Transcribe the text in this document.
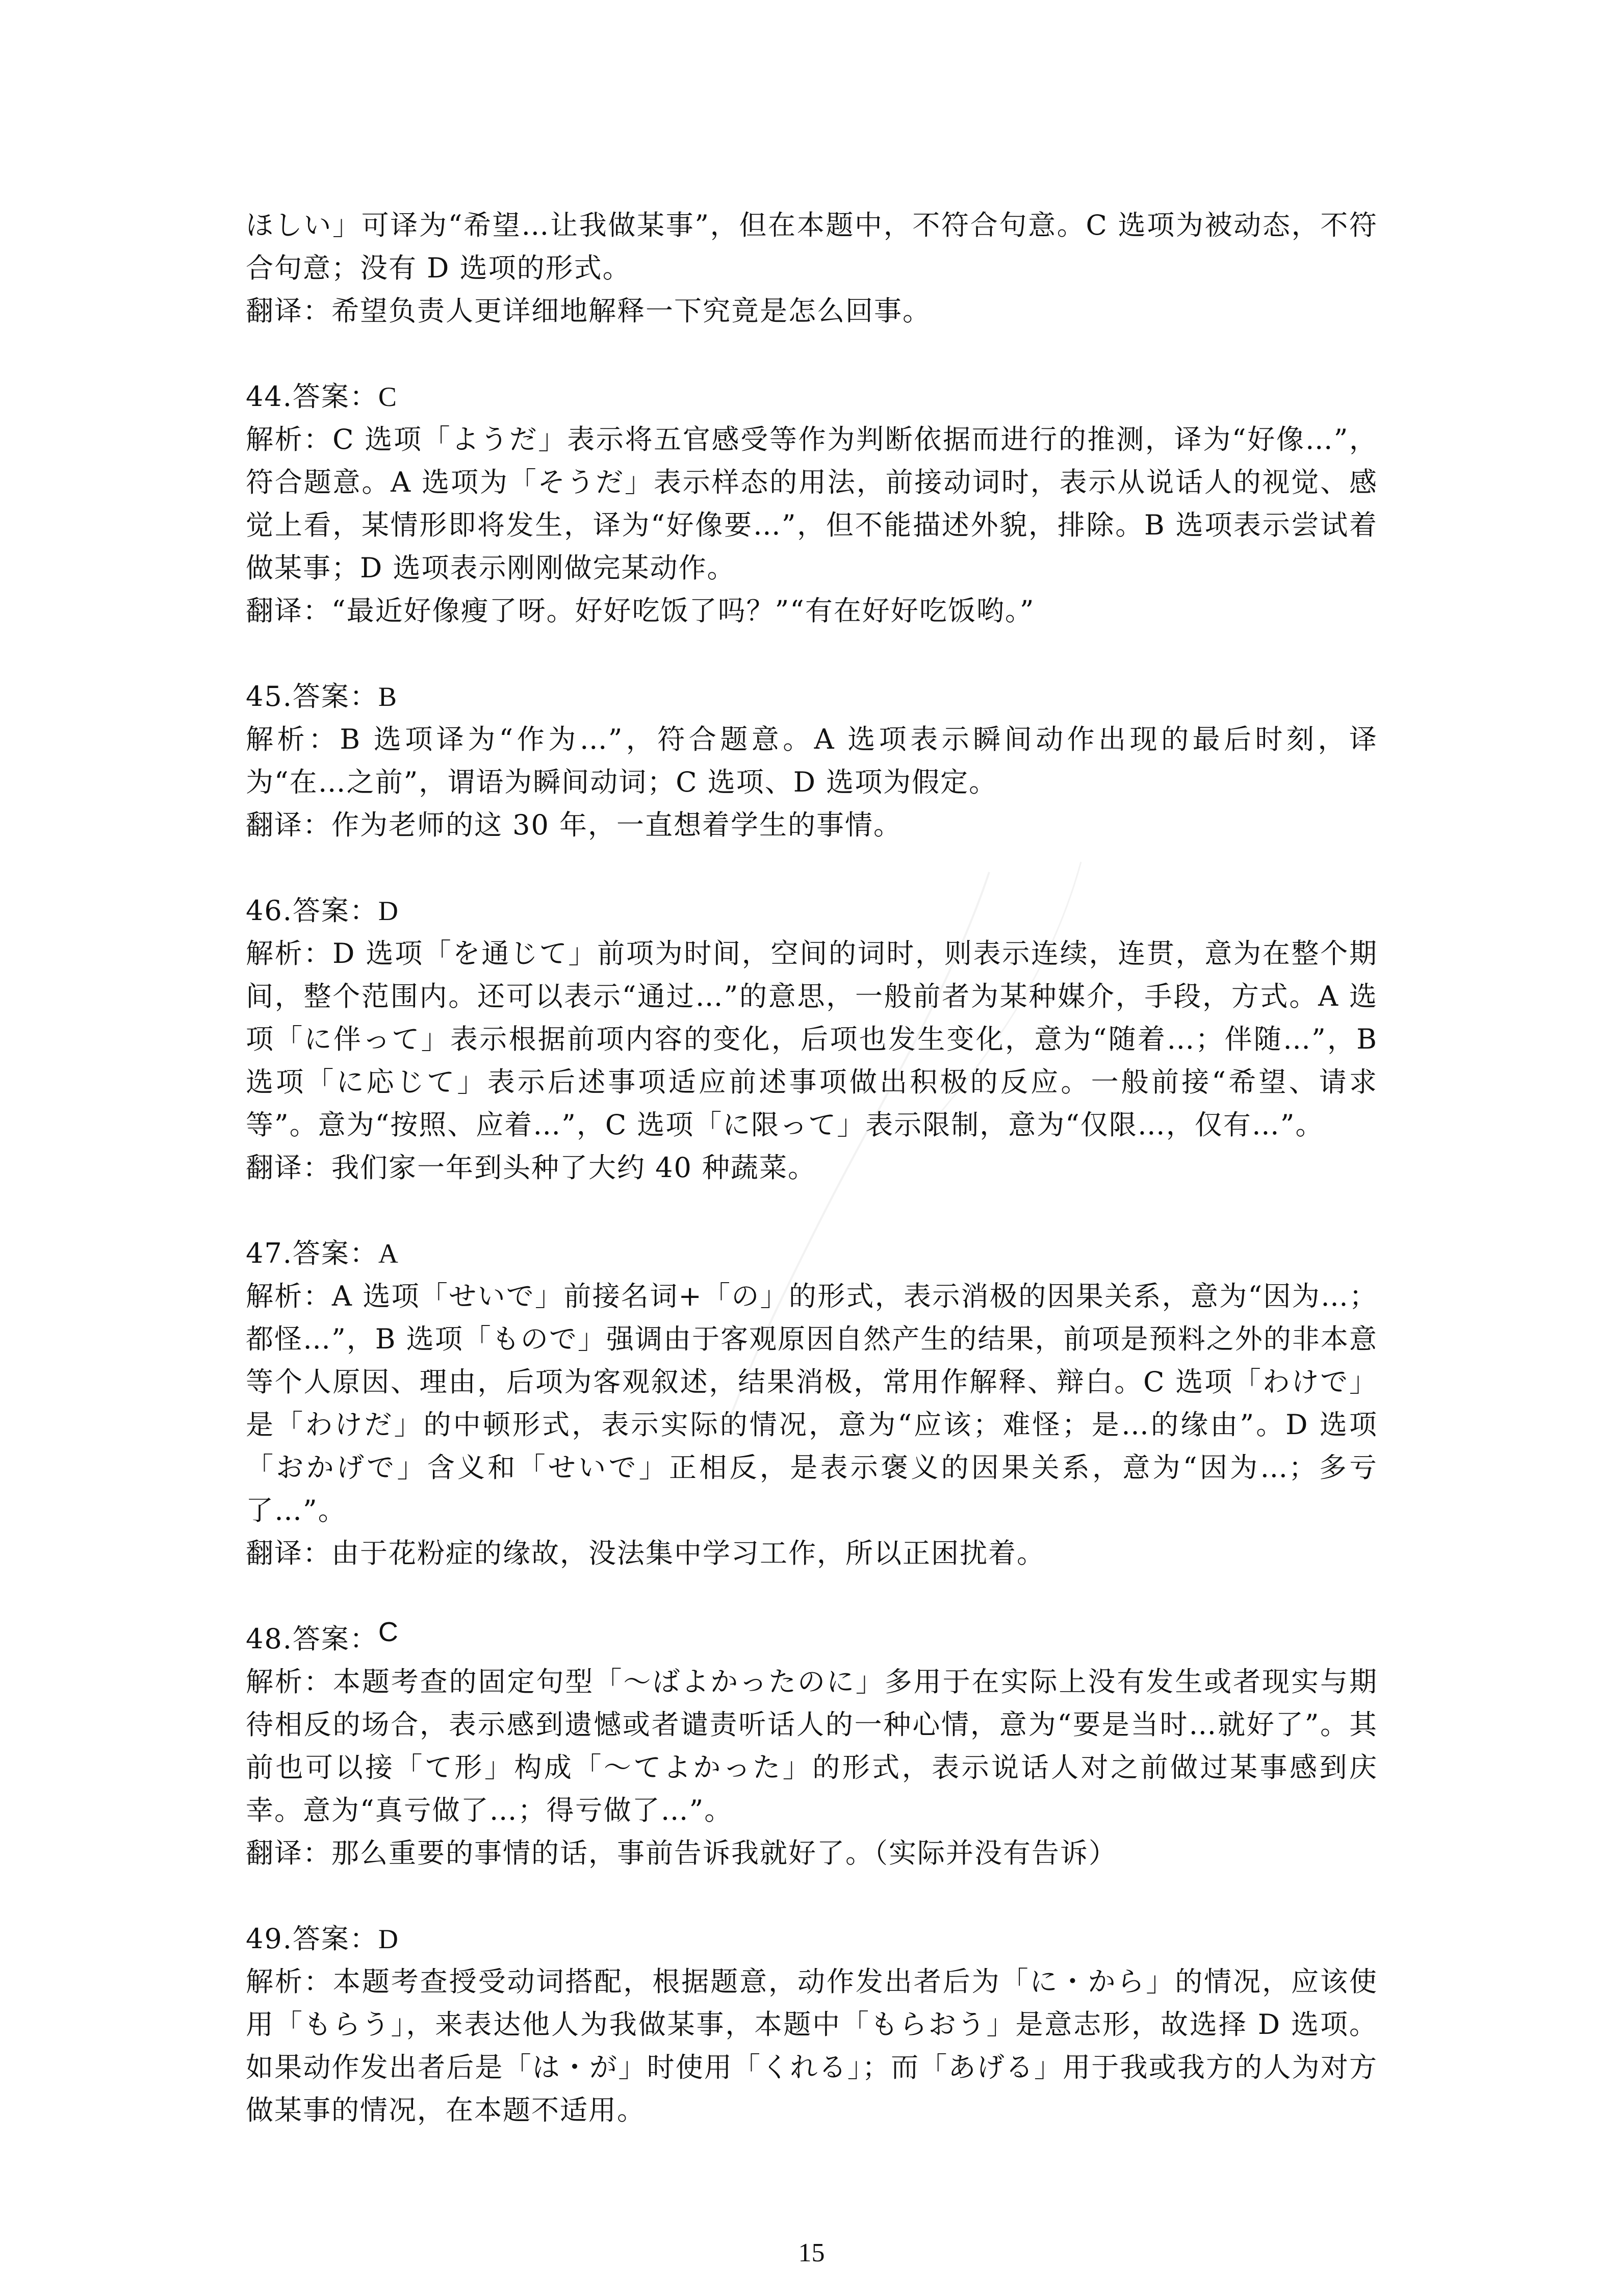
ほしい」可译为“希望…让我做某事”，但在本题中，不符合句意。C 选项为被动态，不符合句意；没有 D 选项的形式。
翻译：希望负责人更详细地解释一下究竟是怎么回事。
44.答案：C
解析：C 选项「ようだ」表示将五官感受等作为判断依据而进行的推测，译为“好像…”，符合题意。A 选项为「そうだ」表示样态的用法，前接动词时，表示从说话人的视觉、感觉上看，某情形即将发生，译为“好像要…”，但不能描述外貌，排除。B 选项表示尝试着做某事；D 选项表示刚刚做完某动作。
翻译：“最近好像瘦了呀。好好吃饭了吗？”“有在好好吃饭哟。”
45.答案：B
解析：B 选项译为“作为…”，符合题意。A 选项表示瞬间动作出现的最后时刻，译为“在…之前”，谓语为瞬间动词；C 选项、D 选项为假定。
翻译：作为老师的这 30 年，一直想着学生的事情。
46.答案：D
解析：D 选项「を通じて」前项为时间，空间的词时，则表示连续，连贯，意为在整个期间，整个范围内。还可以表示“通过…”的意思，一般前者为某种媒介，手段，方式。A 选项「に伴って」表示根据前项内容的变化，后项也发生变化，意为“随着…；伴随…”，B 选项「に応じて」表示后述事项适应前述事项做出积极的反应。一般前接“希望、请求等”。意为“按照、应着…”，C 选项「に限って」表示限制，意为“仅限…，仅有…”。
翻译：我们家一年到头种了大约 40 种蔬菜。
47.答案：A
解析：A 选项「せいで」前接名词+「の」的形式，表示消极的因果关系，意为“因为…；都怪…”，B 选项「もので」强调由于客观原因自然产生的结果，前项是预料之外的非本意等个人原因、理由，后项为客观叙述，结果消极，常用作解释、辩白。C 选项「わけで」是「わけだ」的中顿形式，表示实际的情况，意为“应该；难怪；是…的缘由”。D 选项「おかげで」含义和「せいで」正相反，是表示褒义的因果关系，意为“因为…；多亏了…”。
翻译：由于花粉症的缘故，没法集中学习工作，所以正困扰着。
48.答案：C
解析：本题考查的固定句型「～ばよかったのに」多用于在实际上没有发生或者现实与期待相反的场合，表示感到遗憾或者谴责听话人的一种心情，意为“要是当时…就好了”。其前也可以接「て形」构成「～てよかった」的形式，表示说话人对之前做过某事感到庆幸。意为“真亏做了…；得亏做了…”。
翻译：那么重要的事情的话，事前告诉我就好了。（实际并没有告诉）
49.答案：D
解析：本题考查授受动词搭配，根据题意，动作发出者后为「に・から」的情况，应该使用「もらう」，来表达他人为我做某事，本题中「もらおう」是意志形，故选择 D 选项。如果动作发出者后是「は・が」时使用「くれる」；而「あげる」用于我或我方的人为对方做某事的情况，在本题不适用。
15
